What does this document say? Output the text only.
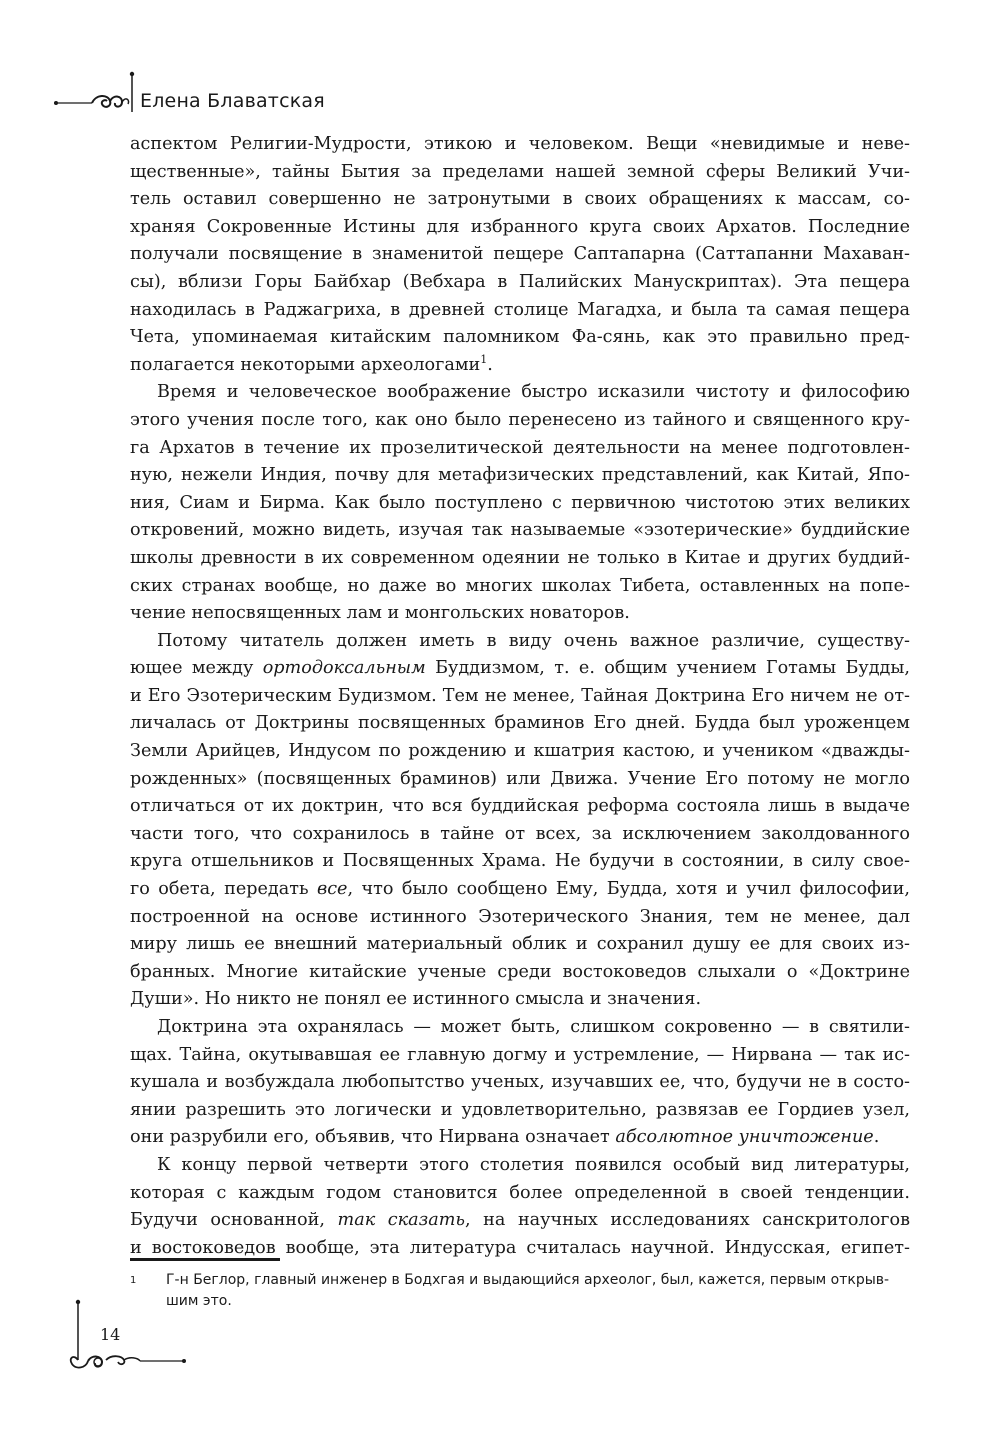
Елена Блаватская

аспектом Религии-Мудрости, этикою и человеком. Вещи «невидимые и неве-
щественные», тайны Бытия за пределами нашей земной сферы Великий Учи-
тель оставил совершенно не затронутыми в своих обращениях к массам, со-
храняя Сокровенные Истины для избранного круга своих Архатов. Последние
получали посвящение в знаменитой пещере Саптапарна (Саттапанни Махаван-
сы), вблизи Горы Байбхар (Вебхара в Палийских Манускриптах). Эта пещера
находилась в Раджагриха, в древней столице Магадха, и была та самая пещера
Чета, упоминаемая китайским паломником Фа-сянь, как это правильно пред-
полагается некоторыми археологами$^1$.

Время и человеческое воображение быстро исказили чистоту и философию
этого учения после того, как оно было перенесено из тайного и священного кру-
га Архатов в течение их прозелитической деятельности на менее подготовлен-
ную, нежели Индия, почву для метафизических представлений, как Китай, Япо-
ния, Сиам и Бирма. Как было поступлено с первичною чистотою этих великих
откровений, можно видеть, изучая так называемые «эзотерические» буддийские
школы древности в их современном одеянии не только в Китае и других буддий-
ских странах вообще, но даже во многих школах Тибета, оставленных на попе-
чение непосвященных лам и монгольских новаторов.

Потому читатель должен иметь в виду очень важное различие, существу-
ющее между ортодоксальным Буддизмом, т. е. общим учением Готамы Будды,
и Его Эзотерическим Будизмом. Тем не менее, Тайная Доктрина Его ничем не от-
личалась от Доктрины посвященных браминов Его дней. Будда был уроженцем
Земли Арийцев, Индусом по рождению и кшатрия кастою, и учеником «дважды-
рожденных» (посвященных браминов) или Движа. Учение Его потому не могло
отличаться от их доктрин, что вся буддийская реформа состояла лишь в выдаче
части того, что сохранилось в тайне от всех, за исключением заколдованного
круга отшельников и Посвященных Храма. Не будучи в состоянии, в силу свое-
го обета, передать все, что было сообщено Ему, Будда, хотя и учил философии,
построенной на основе истинного Эзотерического Знания, тем не менее, дал
миру лишь ее внешний материальный облик и сохранил душу ее для своих из-
бранных. Многие китайские ученые среди востоковедов слыхали о «Доктрине
Души». Но никто не понял ее истинного смысла и значения.

Доктрина эта охранялась — может быть, слишком сокровенно — в святили-
щах. Тайна, окутывавшая ее главную догму и устремление, — Нирвана — так ис-
кушала и возбуждала любопытство ученых, изучавших ее, что, будучи не в состо-
янии разрешить это логически и удовлетворительно, развязав ее Гордиев узел,
они разрубили его, объявив, что Нирвана означает абсолютное уничтожение.

К концу первой четверти этого столетия появился особый вид литературы,
которая с каждым годом становится более определенной в своей тенденции.
Будучи основанной, так сказать, на научных исследованиях санскритологов
и востоковедов вообще, эта литература считалась научной. Индусская, египет-

1 Г-н Беглор, главный инженер в Бодхгая и выдающийся археолог, был, кажется, первым открыв-
шим это.
14
